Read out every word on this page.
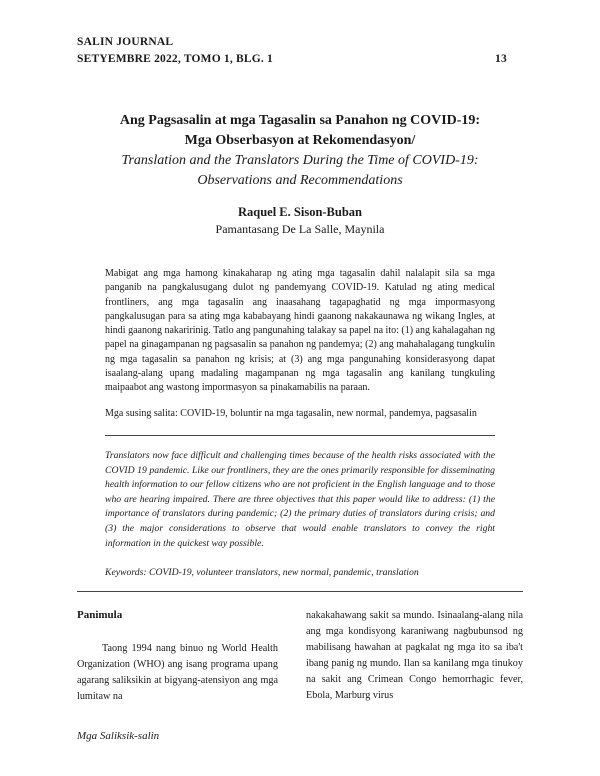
SALIN JOURNAL
SETYEMBRE 2022, TOMO 1, BLG. 1	13
Ang Pagsasalin at mga Tagasalin sa Panahon ng COVID-19:
Mga Obserbasyon at Rekomendasyon/
Translation and the Translators During the Time of COVID-19:
Observations and Recommendations
Raquel E. Sison-Buban
Pamantasang De La Salle, Maynila
Mabigat ang mga hamong kinakaharap ng ating mga tagasalin dahil nalalapit sila sa mga panganib na pangkalusugang dulot ng pandemyang COVID-19. Katulad ng ating medical frontliners, ang mga tagasalin ang inaasahang tagapaghatid ng mga impormasyong pangkalusugan para sa ating mga kababayang hindi gaanong nakakaunawa ng wikang Ingles, at hindi gaanong nakaririnig. Tatlo ang pangunahing talakay sa papel na ito: (1) ang kahalagahan ng papel na ginagampanan ng pagsasalin sa panahon ng pandemya; (2) ang mahahalagang tungkulin ng mga tagasalin sa panahon ng krisis; at (3) ang mga pangunahing konsiderasyong dapat isaalang-alang upang madaling magampanan ng mga tagasalin ang kanilang tungkuling maipaabot ang wastong impormasyon sa pinakamabilis na paraan.
Mga susing salita: COVID-19, boluntir na mga tagasalin, new normal, pandemya, pagsasalin
Translators now face difficult and challenging times because of the health risks associated with the COVID 19 pandemic. Like our frontliners, they are the ones primarily responsible for disseminating health information to our fellow citizens who are not proficient in the English language and to those who are hearing impaired. There are three objectives that this paper would like to address: (1) the importance of translators during pandemic; (2) the primary duties of translators during crisis; and (3) the major considerations to observe that would enable translators to convey the right information in the quickest way possible.
Keywords: COVID-19, volunteer translators, new normal, pandemic, translation
Panimula
Taong 1994 nang binuo ng World Health Organization (WHO) ang isang programa upang agarang saliksikin at bigyang-atensiyon ang mga lumitaw na
nakakahawang sakit sa mundo. Isinaalang-alang nila ang mga kondisyong karaniwang nagbubunsod ng mabilisang hawahan at pagkalat ng mga ito sa iba't ibang panig ng mundo. Ilan sa kanilang mga tinukoy na sakit ang Crimean Congo hemorrhagic fever, Ebola, Marburg virus
Mga Saliksik-salin
